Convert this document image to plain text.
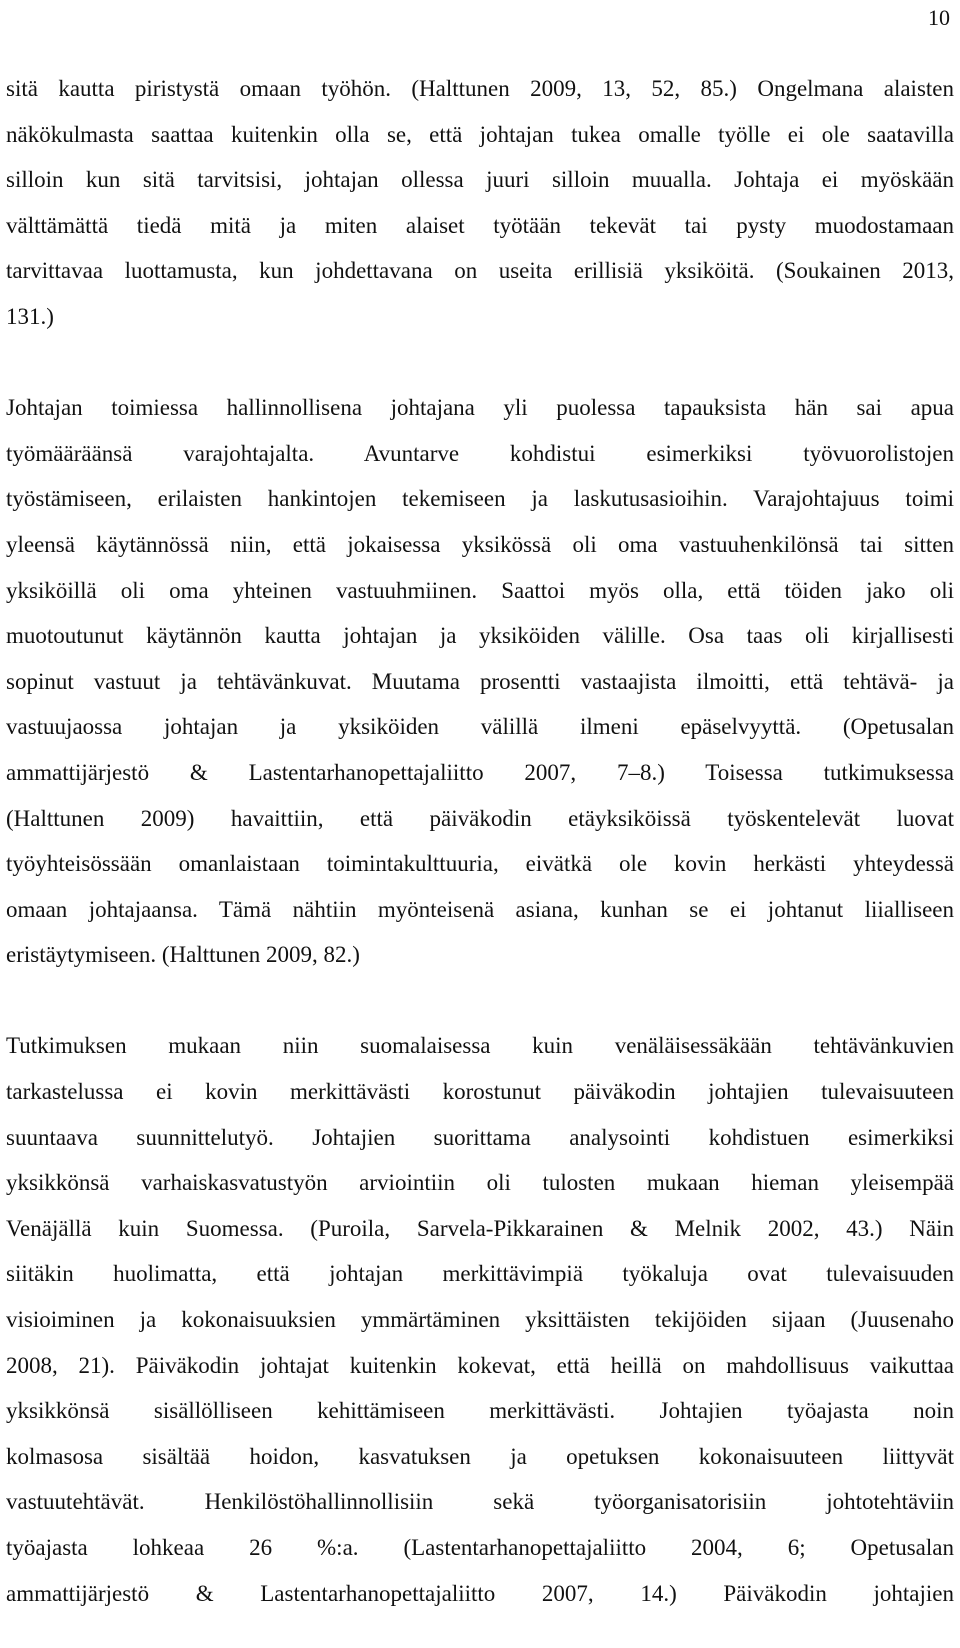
10
sitä kautta piristystä omaan työhön. (Halttunen 2009, 13, 52, 85.) Ongelmana alaisten
näkökulmasta saattaa kuitenkin olla se, että johtajan tukea omalle työlle ei ole saatavilla
silloin kun sitä tarvitsisi, johtajan ollessa juuri silloin muualla. Johtaja ei myöskään
välttämättä tiedä mitä ja miten alaiset työtään tekevät tai pysty muodostamaan
tarvittavaa luottamusta, kun johdettavana on useita erillisiä yksiköitä. (Soukainen 2013,
131.)
Johtajan toimiessa hallinnollisena johtajana yli puolessa tapauksista hän sai apua
työmääräänsä varajohtajalta. Avuntarve kohdistui esimerkiksi työvuorolistojen
työstämiseen, erilaisten hankintojen tekemiseen ja laskutusasioihin. Varajohtajuus toimi
yleensä käytännössä niin, että jokaisessa yksikössä oli oma vastuuhenkilönsä tai sitten
yksiköillä oli oma yhteinen vastuuhmiinen. Saattoi myös olla, että töiden jako oli
muotoutunut käytännön kautta johtajan ja yksiköiden välille. Osa taas oli kirjallisesti
sopinut vastuut ja tehtävänkuvat. Muutama prosentti vastaajista ilmoitti, että tehtävä- ja
vastuujaossa johtajan ja yksiköiden välillä ilmeni epäselvyyttä. (Opetusalan
ammattijärjestö & Lastentarhanopettajaliitto 2007, 7–8.) Toisessa tutkimuksessa
(Halttunen 2009) havaittiin, että päiväkodin etäyksiköissä työskentelevät luovat
työyhteisössään omanlaistaan toimintakulttuuria, eivätkä ole kovin herkästi yhteydessä
omaan johtajaansa. Tämä nähtiin myönteisenä asiana, kunhan se ei johtanut liialliseen
eristäytymiseen. (Halttunen 2009, 82.)
Tutkimuksen mukaan niin suomalaisessa kuin venäläisessäkään tehtävänkuvien
tarkastelussa ei kovin merkittävästi korostunut päiväkodin johtajien tulevaisuuteen
suuntaava suunnittelutyö. Johtajien suorittama analysointi kohdistuen esimerkiksi
yksikkönsä varhaiskasvatustyön arviointiin oli tulosten mukaan hieman yleisempää
Venäjällä kuin Suomessa. (Puroila, Sarvela-Pikkarainen & Melnik 2002, 43.) Näin
siitäkin huolimatta, että johtajan merkittävimpiä työkaluja ovat tulevaisuuden
visioiminen ja kokonaisuuksien ymmärtäminen yksittäisten tekijöiden sijaan (Juusenaho
2008, 21). Päiväkodin johtajat kuitenkin kokevat, että heillä on mahdollisuus vaikuttaa
yksikkönsä sisällölliseen kehittämiseen merkittävästi. Johtajien työajasta noin
kolmasosa sisältää hoidon, kasvatuksen ja opetuksen kokonaisuuteen liittyvät
vastuutehtävät. Henkilöstöhallinnollisiin sekä työorganisatorisiin johtotehtäviin
työajasta lohkeaa 26 %:a. (Lastentarhanopettajaliitto 2004, 6; Opetusalan
ammattijärjestö & Lastentarhanopettajaliitto 2007, 14.) Päiväkodin johtajien
